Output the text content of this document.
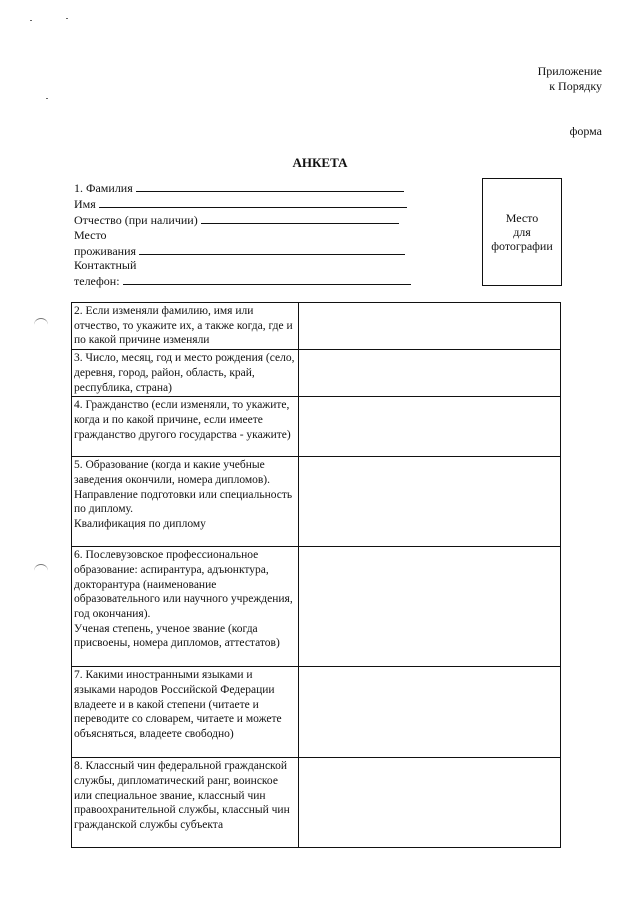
Приложение
к Порядку
форма
АНКЕТА
1. Фамилия
Имя
Отчество (при наличии)
Место
проживания
Контактный
телефон:
Место
для
фотографии
2. Если изменяли фамилию, имя или отчество, то укажите их, а также когда, где и по какой причине изменяли	
3. Число, месяц, год и место рождения (село, деревня, город, район, область, край, республика, страна)	
4. Гражданство (если изменяли, то укажите, когда и по какой причине, если имеете гражданство другого государства - укажите)	
5. Образование (когда и какие учебные заведения окончили, номера дипломов).
Направление подготовки или специальность по диплому.
Квалификация по диплому	
6. Послевузовское профессиональное образование: аспирантура, адъюнктура, докторантура (наименование образовательного или научного учреждения, год окончания).
Ученая степень, ученое звание (когда присвоены, номера дипломов, аттестатов)	
7. Какими иностранными языками и языками народов Российской Федерации владеете и в какой степени (читаете и переводите со словарем, читаете и можете объясняться, владеете свободно)	
8. Классный чин федеральной гражданской службы, дипломатический ранг, воинское или специальное звание, классный чин правоохранительной службы, классный чин гражданской службы субъекта	
